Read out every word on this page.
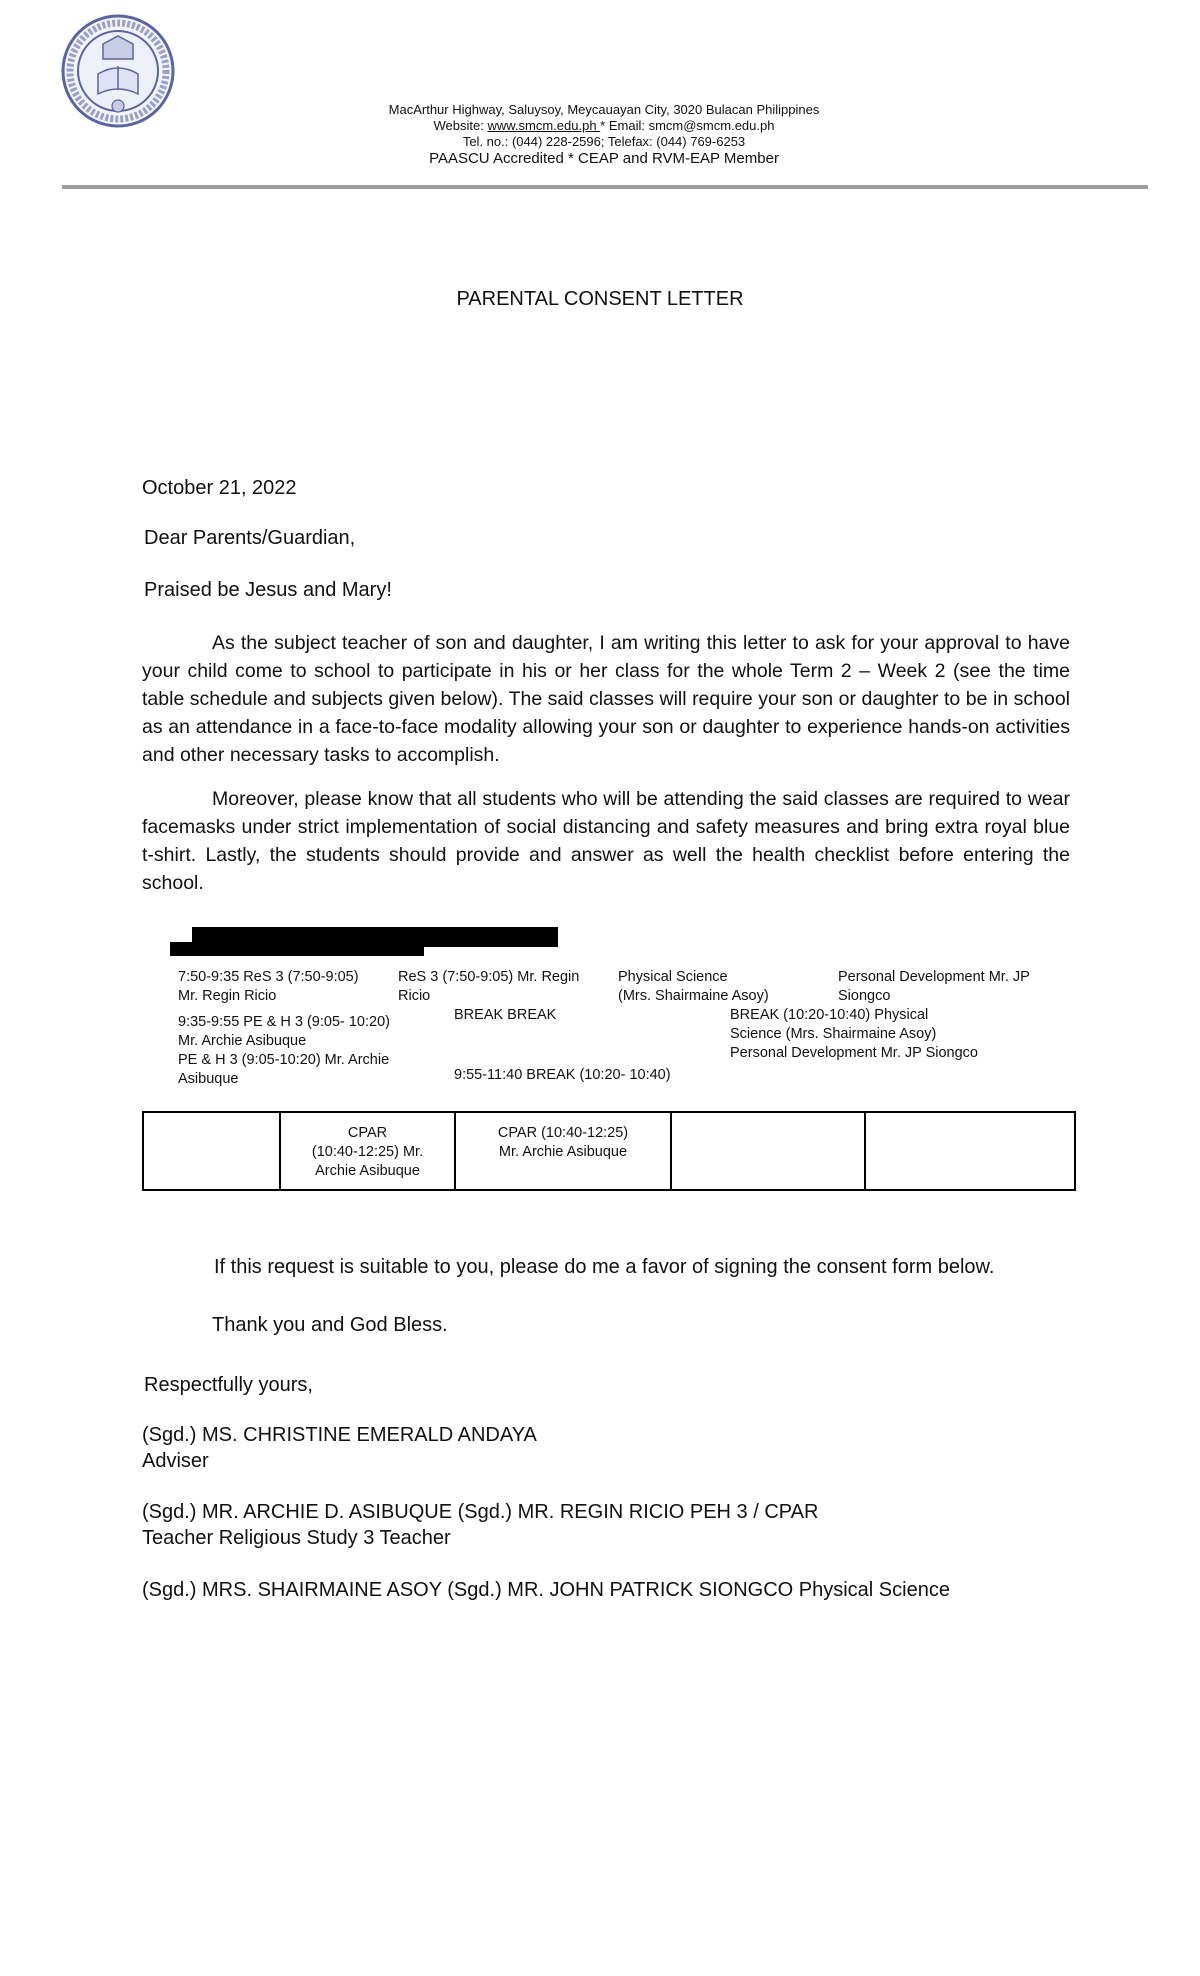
MacArthur Highway, Saluysoy, Meycauayan City, 3020 Bulacan Philippines
Website: www.smcm.edu.ph * Email: smcm@smcm.edu.ph
Tel. no.: (044) 228-2596; Telefax: (044) 769-6253
PAASCU Accredited * CEAP and RVM-EAP Member
PARENTAL CONSENT LETTER
October 21, 2022
Dear Parents/Guardian,
Praised be Jesus and Mary!
As the subject teacher of son and daughter, I am writing this letter to ask for your approval to have your child come to school to participate in his or her class for the whole Term 2 – Week 2 (see the time table schedule and subjects given below). The said classes will require your son or daughter to be in school as an attendance in a face-to-face modality allowing your son or daughter to experience hands-on activities and other necessary tasks to accomplish.
Moreover, please know that all students who will be attending the said classes are required to wear facemasks under strict implementation of social distancing and safety measures and bring extra royal blue t-shirt. Lastly, the students should provide and answer as well the health checklist before entering the school.
7:50-9:35 ReS 3 (7:50-9:05)
Mr. Regin Ricio
ReS 3 (7:50-9:05) Mr. Regin
Ricio
Physical Science
(Mrs. Shairmaine Asoy)
Personal Development Mr. JP
Siongco
9:35-9:55 PE & H 3 (9:05- 10:20)
Mr. Archie Asibuque
PE & H 3 (9:05-10:20) Mr. Archie
Asibuque
BREAK BREAK
9:55-11:40 BREAK (10:20- 10:40)
BREAK (10:20-10:40) Physical
Science (Mrs. Shairmaine Asoy)
Personal Development Mr. JP Siongco
CPAR
(10:40-12:25) Mr.
Archie Asibuque
CPAR (10:40-12:25)
Mr. Archie Asibuque
If this request is suitable to you, please do me a favor of signing the consent form below.
Thank you and God Bless.
Respectfully yours,
(Sgd.) MS. CHRISTINE EMERALD ANDAYA
Adviser
(Sgd.) MR. ARCHIE D. ASIBUQUE (Sgd.) MR. REGIN RICIO PEH 3 / CPAR
Teacher Religious Study 3 Teacher
(Sgd.) MRS. SHAIRMAINE ASOY (Sgd.) MR. JOHN PATRICK SIONGCO Physical Science
